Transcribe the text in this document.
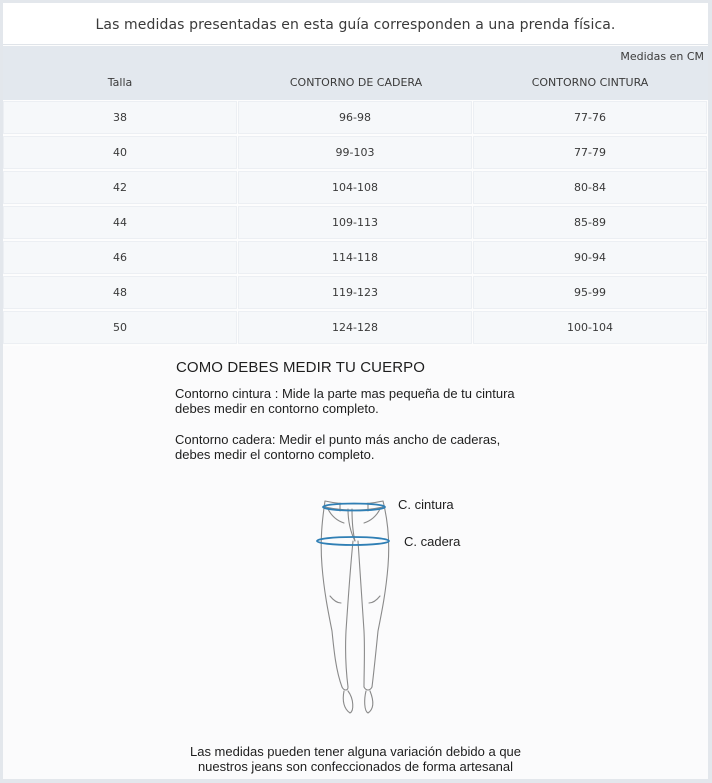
Las medidas presentadas en esta guía corresponden a una prenda física.
Medidas en CM
Talla	CONTORNO DE CADERA	CONTORNO CINTURA
38	96-98	77-76
40	99-103	77-79
42	104-108	80-84
44	109-113	85-89
46	114-118	90-94
48	119-123	95-99
50	124-128	100-104
COMO DEBES MEDIR TU CUERPO
Contorno cintura : Mide la parte mas pequeña de tu cintura
debes medir en contorno completo.
Contorno cadera: Medir el punto más ancho de caderas,
debes medir el contorno completo.
C. cintura
C. cadera
Las medidas pueden tener alguna variación debido a que
nuestros jeans son confeccionados de forma artesanal
